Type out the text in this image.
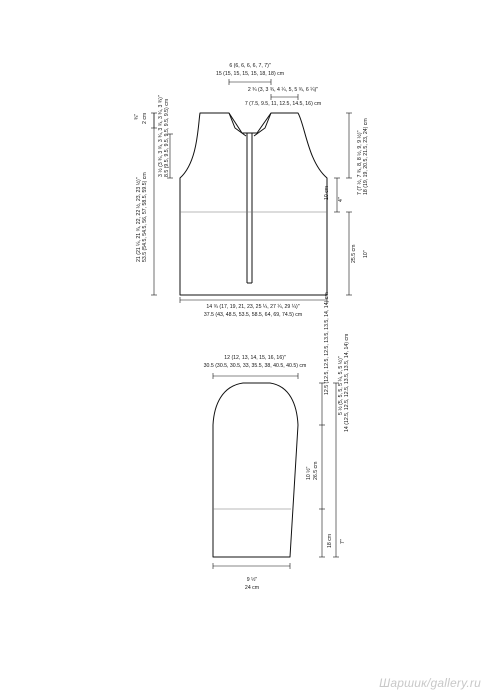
6 (6, 6, 6, 6, 7, 7)"
15 (15, 15, 15, 15, 18, 18) cm
2 ¾ (3, 3 ¾, 4 ¼, 5, 5 ¾, 6 ¼)"
7 (7.5, 9.5, 11, 12.5, 14.5, 16) cm
¾" 2 cm 3 ½ (3 ¾, 3 ¾, 3 ¾, 3 ¾, 3 ¾, 3 ¾)" 8.5 (9.5, 9.5, 9.5, 9.5, 9.5, 9.5) cm
21 (21 ¼, 21 ¾, 22, 22 ½, 23, 23 ½)" 53.5 (54.5, 54.5, 56, 57, 58.5, 59.5) cm
7 (7 ½, 7 ¾, 8, 8 ½, 9, 9 ½)" 18 (19, 19, 20.5, 21.5, 23, 24) cm
10 cm 4"
25.5 cm 10"
14 ¾ (17, 19, 21, 23, 25 ¼, 27 ¼, 29 ¼)"
37.5 (43, 48.5, 53.5, 58.5, 64, 69, 74.5) cm
12 (12, 13, 14, 15, 16, 16)"
30.5 (30.5, 30.5, 33, 35.5, 38, 40.5, 40.5) cm	12.5 (12.5, 12.5, 12.5, 13.5, 13.5, 14, 14) cm 5 ½ (5, 5, 5, 5 ¼, 5, 5 ½)" 14 (12.5, 12.5, 12.5, 13.5, 13.5, 14, 14) cm
10 ½" 26.5 cm
18 cm 7"
9 ½"
24 cm
Шаршик/gallery.ru
